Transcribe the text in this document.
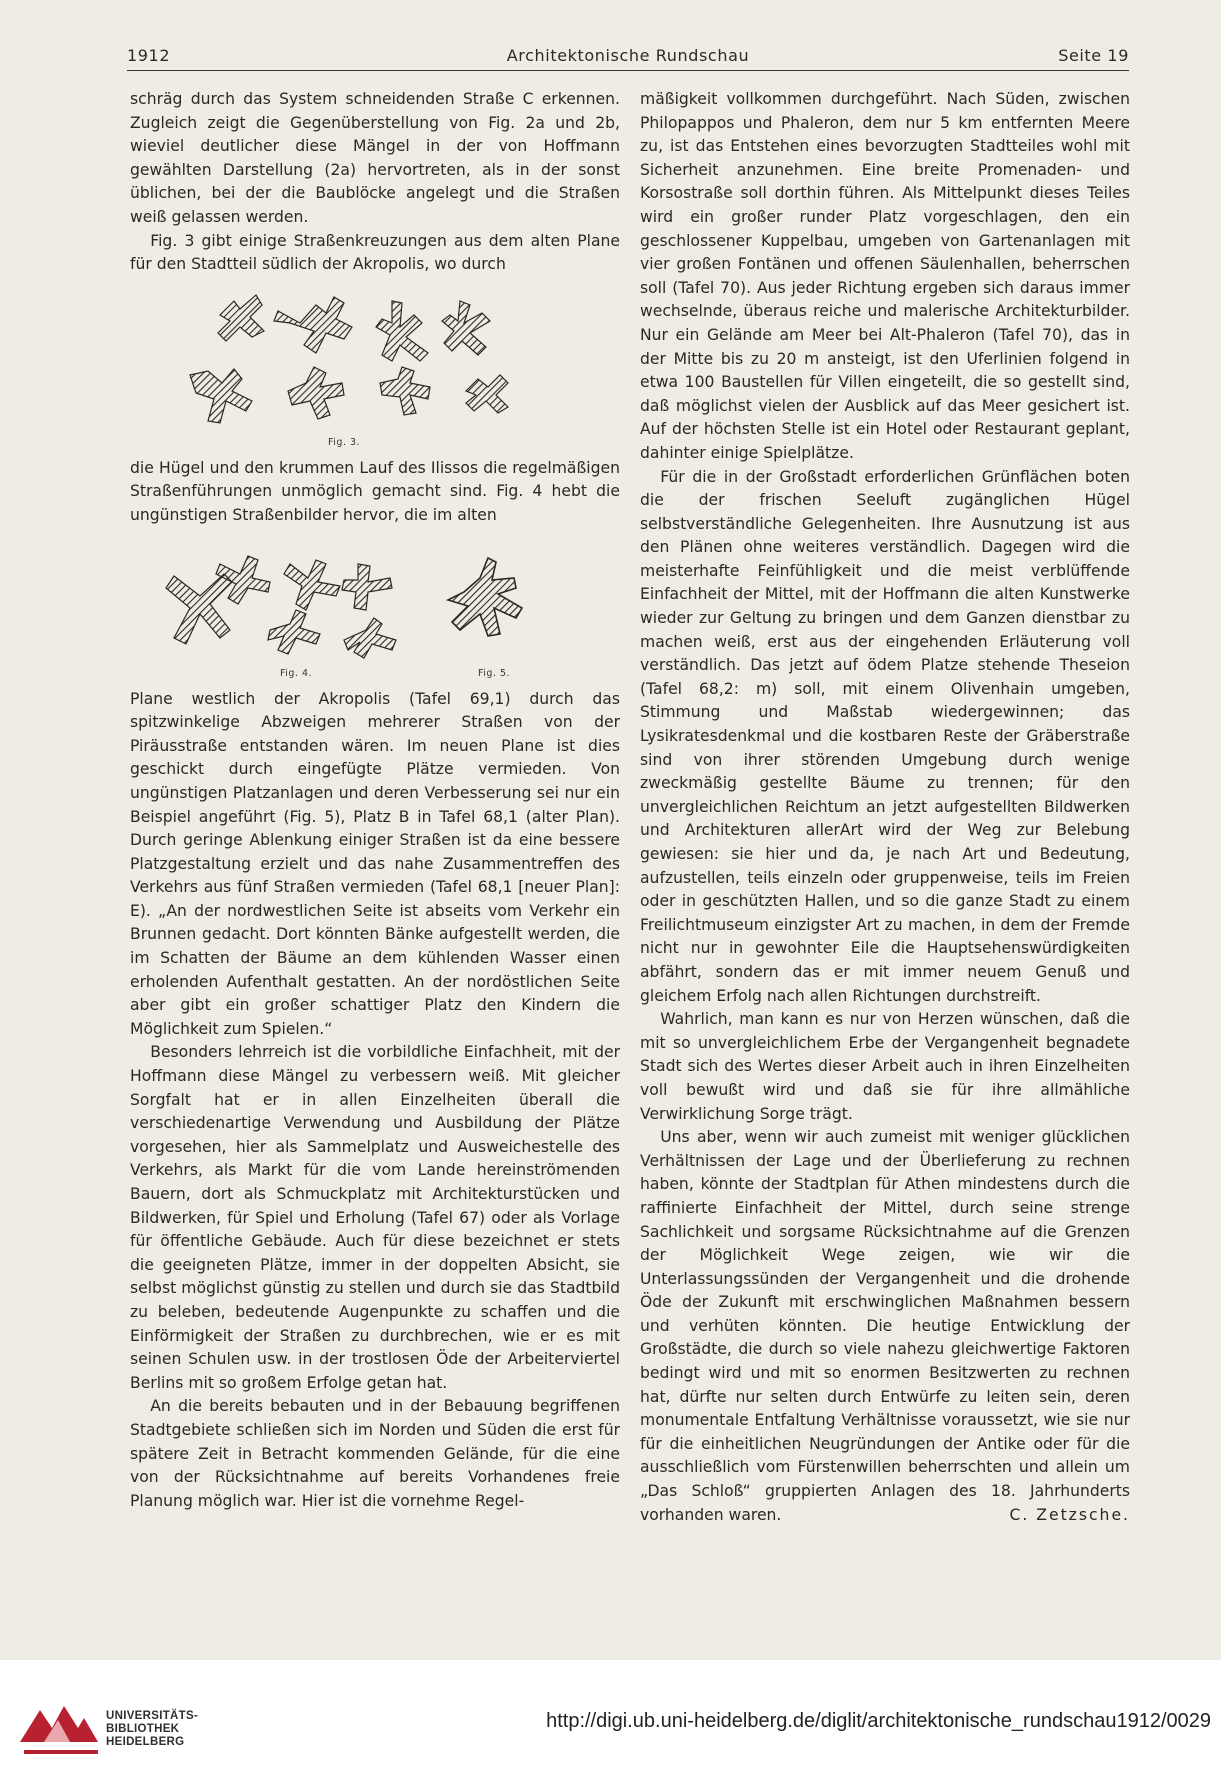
1912	Architektonische Rundschau	Seite 19

schräg durch das System schneidenden Straße C erkennen. Zugleich zeigt die Gegenüberstellung von Fig. 2a und 2b, wieviel deutlicher diese Mängel in der von Hoffmann gewählten Darstellung (2a) hervortreten, als in der sonst üblichen, bei der die Baublöcke angelegt und die Straßen weiß gelassen werden.

Fig. 3 gibt einige Straßenkreuzungen aus dem alten Plane für den Stadtteil südlich der Akropolis, wo durch

Fig. 3.

die Hügel und den krummen Lauf des Ilissos die regelmäßigen Straßenführungen unmöglich gemacht sind. Fig. 4 hebt die ungünstigen Straßenbilder hervor, die im alten

Fig. 4.	Fig. 5.

Plane westlich der Akropolis (Tafel 69,1) durch das spitzwinkelige Abzweigen mehrerer Straßen von der Piräusstraße entstanden wären. Im neuen Plane ist dies geschickt durch eingefügte Plätze vermieden. Von ungünstigen Platzanlagen und deren Verbesserung sei nur ein Beispiel angeführt (Fig. 5), Platz B in Tafel 68,1 (alter Plan). Durch geringe Ablenkung einiger Straßen ist da eine bessere Platzgestaltung erzielt und das nahe Zusammentreffen des Verkehrs aus fünf Straßen vermieden (Tafel 68,1 [neuer Plan]: E). „An der nordwestlichen Seite ist abseits vom Verkehr ein Brunnen gedacht. Dort könnten Bänke aufgestellt werden, die im Schatten der Bäume an dem kühlenden Wasser einen erholenden Aufenthalt gestatten. An der nordöstlichen Seite aber gibt ein großer schattiger Platz den Kindern die Möglichkeit zum Spielen.“

Besonders lehrreich ist die vorbildliche Einfachheit, mit der Hoffmann diese Mängel zu verbessern weiß. Mit gleicher Sorgfalt hat er in allen Einzelheiten überall die verschiedenartige Verwendung und Ausbildung der Plätze vorgesehen, hier als Sammelplatz und Ausweichestelle des Verkehrs, als Markt für die vom Lande hereinströmenden Bauern, dort als Schmuckplatz mit Architekturstücken und Bildwerken, für Spiel und Erholung (Tafel 67) oder als Vorlage für öffentliche Gebäude. Auch für diese bezeichnet er stets die geeigneten Plätze, immer in der doppelten Absicht, sie selbst möglichst günstig zu stellen und durch sie das Stadtbild zu beleben, bedeutende Augenpunkte zu schaffen und die Einförmigkeit der Straßen zu durchbrechen, wie er es mit seinen Schulen usw. in der trostlosen Öde der Arbeiterviertel Berlins mit so großem Erfolge getan hat.

An die bereits bebauten und in der Bebauung begriffenen Stadtgebiete schließen sich im Norden und Süden die erst für spätere Zeit in Betracht kommenden Gelände, für die eine von der Rücksichtnahme auf bereits Vorhandenes freie Planung möglich war. Hier ist die vornehme Regel-

mäßigkeit vollkommen durchgeführt. Nach Süden, zwischen Philopappos und Phaleron, dem nur 5 km entfernten Meere zu, ist das Entstehen eines bevorzugten Stadtteiles wohl mit Sicherheit anzunehmen. Eine breite Promenaden- und Korsostraße soll dorthin führen. Als Mittelpunkt dieses Teiles wird ein großer runder Platz vorgeschlagen, den ein geschlossener Kuppelbau, umgeben von Gartenanlagen mit vier großen Fontänen und offenen Säulenhallen, beherrschen soll (Tafel 70). Aus jeder Richtung ergeben sich daraus immer wechselnde, überaus reiche und malerische Architekturbilder. Nur ein Gelände am Meer bei Alt-Phaleron (Tafel 70), das in der Mitte bis zu 20 m ansteigt, ist den Uferlinien folgend in etwa 100 Baustellen für Villen eingeteilt, die so gestellt sind, daß möglichst vielen der Ausblick auf das Meer gesichert ist. Auf der höchsten Stelle ist ein Hotel oder Restaurant geplant, dahinter einige Spielplätze.

Für die in der Großstadt erforderlichen Grünflächen boten die der frischen Seeluft zugänglichen Hügel selbstverständliche Gelegenheiten. Ihre Ausnutzung ist aus den Plänen ohne weiteres verständlich. Dagegen wird die meisterhafte Feinfühligkeit und die meist verblüffende Einfachheit der Mittel, mit der Hoffmann die alten Kunstwerke wieder zur Geltung zu bringen und dem Ganzen dienstbar zu machen weiß, erst aus der eingehenden Erläuterung voll verständlich. Das jetzt auf ödem Platze stehende Theseion (Tafel 68,2: m) soll, mit einem Olivenhain umgeben, Stimmung und Maßstab wiedergewinnen; das Lysikratesdenkmal und die kostbaren Reste der Gräberstraße sind von ihrer störenden Umgebung durch wenige zweckmäßig gestellte Bäume zu trennen; für den unvergleichlichen Reichtum an jetzt aufgestellten Bildwerken und Architekturen allerArt wird der Weg zur Belebung gewiesen: sie hier und da, je nach Art und Bedeutung, aufzustellen, teils einzeln oder gruppenweise, teils im Freien oder in geschützten Hallen, und so die ganze Stadt zu einem Freilichtmuseum einzigster Art zu machen, in dem der Fremde nicht nur in gewohnter Eile die Hauptsehenswürdigkeiten abfährt, sondern das er mit immer neuem Genuß und gleichem Erfolg nach allen Richtungen durchstreift.

Wahrlich, man kann es nur von Herzen wünschen, daß die mit so unvergleichlichem Erbe der Vergangenheit begnadete Stadt sich des Wertes dieser Arbeit auch in ihren Einzelheiten voll bewußt wird und daß sie für ihre allmähliche Verwirklichung Sorge trägt.

Uns aber, wenn wir auch zumeist mit weniger glücklichen Verhältnissen der Lage und der Überlieferung zu rechnen haben, könnte der Stadtplan für Athen mindestens durch die raffinierte Einfachheit der Mittel, durch seine strenge Sachlichkeit und sorgsame Rücksichtnahme auf die Grenzen der Möglichkeit Wege zeigen, wie wir die Unterlassungssünden der Vergangenheit und die drohende Öde der Zukunft mit erschwinglichen Maßnahmen bessern und verhüten könnten. Die heutige Entwicklung der Großstädte, die durch so viele nahezu gleichwertige Faktoren bedingt wird und mit so enormen Besitzwerten zu rechnen hat, dürfte nur selten durch Entwürfe zu leiten sein, deren monumentale Entfaltung Verhältnisse voraussetzt, wie sie nur für die einheitlichen Neugründungen der Antike oder für die ausschließlich vom Fürstenwillen beherrschten und allein um „Das Schloß“ gruppierten Anlagen des 18. Jahrhunderts vorhanden waren.	C. Zetzsche.

UNIVERSITÄTS-
BIBLIOTHEK
HEIDELBERG
http://digi.ub.uni-heidelberg.de/diglit/architektonische_rundschau1912/0029
